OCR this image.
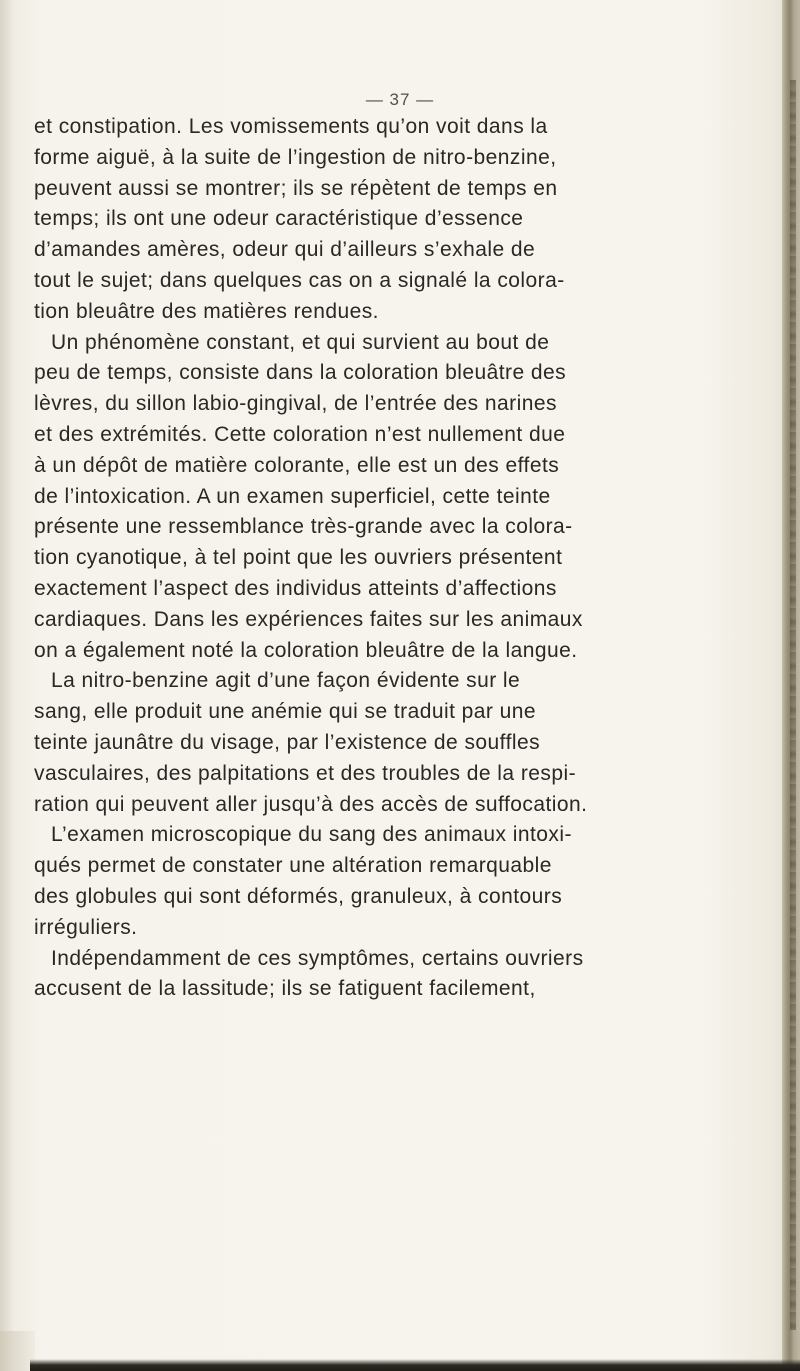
— 37 —
et constipation. Les vomissements qu’on voit dans la
forme aiguë, à la suite de l’ingestion de nitro-benzine,
peuvent aussi se montrer; ils se répètent de temps en
temps; ils ont une odeur caractéristique d’essence
d’amandes amères, odeur qui d’ailleurs s’exhale de
tout le sujet; dans quelques cas on a signalé la colora-
tion bleuâtre des matières rendues.
Un phénomène constant, et qui survient au bout de
peu de temps, consiste dans la coloration bleuâtre des
lèvres, du sillon labio-gingival, de l’entrée des narines
et des extrémités. Cette coloration n’est nullement due
à un dépôt de matière colorante, elle est un des effets
de l’intoxication. A un examen superficiel, cette teinte
présente une ressemblance très-grande avec la colora-
tion cyanotique, à tel point que les ouvriers présentent
exactement l’aspect des individus atteints d’affections
cardiaques. Dans les expériences faites sur les animaux
on a également noté la coloration bleuâtre de la langue.
La nitro-benzine agit d’une façon évidente sur le
sang, elle produit une anémie qui se traduit par une
teinte jaunâtre du visage, par l’existence de souffles
vasculaires, des palpitations et des troubles de la respi-
ration qui peuvent aller jusqu’à des accès de suffocation.
L’examen microscopique du sang des animaux intoxi-
qués permet de constater une altération remarquable
des globules qui sont déformés, granuleux, à contours
irréguliers.
Indépendamment de ces symptômes, certains ouvriers
accusent de la lassitude; ils se fatiguent facilement,
